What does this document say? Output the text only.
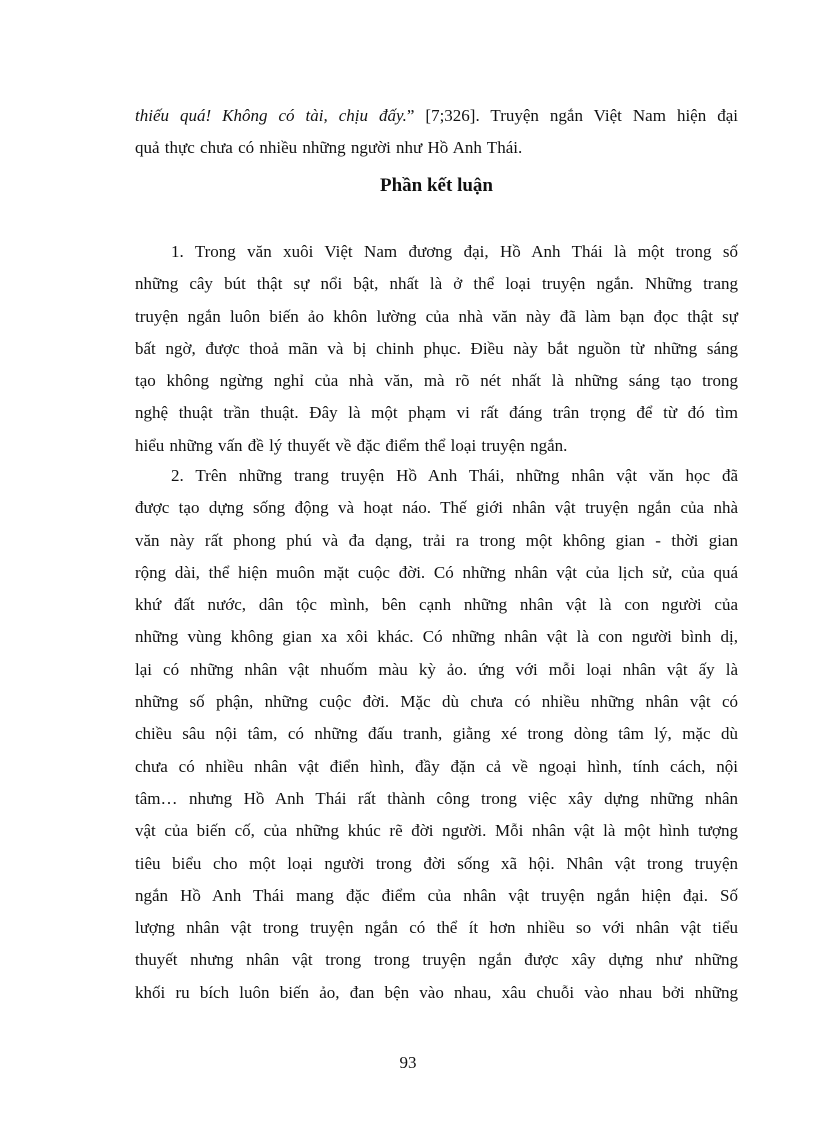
thiếu quá! Không có tài, chịu đấy.” [7;326]. Truyện ngắn Việt Nam hiện đại
quả thực chưa có nhiều những người như Hồ Anh Thái.
Phần kết luận
1. Trong văn xuôi Việt Nam đương đại, Hồ Anh Thái là một trong số
những cây bút thật sự nổi bật, nhất là ở thể loại truyện ngắn. Những trang
truyện ngắn luôn biến ảo khôn lường của nhà văn này đã làm bạn đọc thật sự
bất ngờ, được thoả mãn và bị chinh phục. Điều này bắt nguồn từ những sáng
tạo không ngừng nghỉ của nhà văn, mà rõ nét nhất là những sáng tạo trong
nghệ thuật trần thuật. Đây là một phạm vi rất đáng trân trọng để từ đó tìm
hiểu những vấn đề lý thuyết về đặc điểm thể loại truyện ngắn.
2. Trên những trang truyện Hồ Anh Thái, những nhân vật văn học đã
được tạo dựng sống động và hoạt náo. Thế giới nhân vật truyện ngắn của nhà
văn này rất phong phú và đa dạng, trải ra trong một không gian - thời gian
rộng dài, thể hiện muôn mặt cuộc đời. Có những nhân vật của lịch sử, của quá
khứ đất nước, dân tộc mình, bên cạnh những nhân vật là con người của
những vùng không gian xa xôi khác. Có những nhân vật là con người bình dị,
lại có những nhân vật nhuốm màu kỳ ảo. ứng với mỗi loại nhân vật ấy là
những số phận, những cuộc đời. Mặc dù chưa có nhiều những nhân vật có
chiều sâu nội tâm, có những đấu tranh, giằng xé trong dòng tâm lý, mặc dù
chưa có nhiều nhân vật điển hình, đầy đặn cả về ngoại hình, tính cách, nội
tâm… nhưng Hồ Anh Thái rất thành công trong việc xây dựng những nhân
vật của biến cố, của những khúc rẽ đời người. Mỗi nhân vật là một hình tượng
tiêu biểu cho một loại người trong đời sống xã hội. Nhân vật trong truyện
ngắn Hồ Anh Thái mang đặc điểm của nhân vật truyện ngắn hiện đại. Số
lượng nhân vật trong truyện ngắn có thể ít hơn nhiều so với nhân vật tiểu
thuyết nhưng nhân vật trong trong truyện ngắn được xây dựng như những
khối ru bích luôn biến ảo, đan bện vào nhau, xâu chuỗi vào nhau bởi những
93
